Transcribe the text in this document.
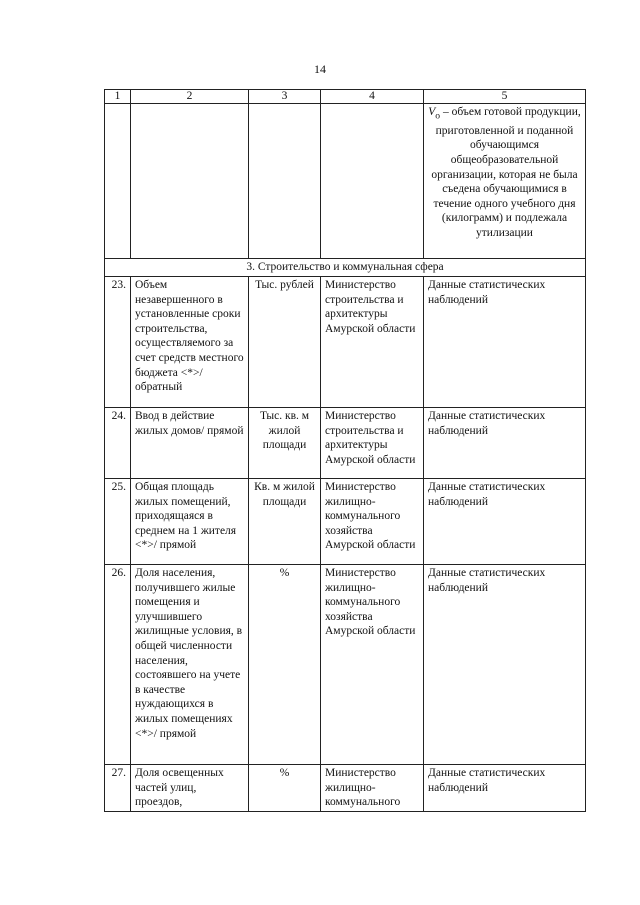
14
1	2	3	4	5
				$V_o$ – объем готовой продукции, приготовленной и поданной обучающимся общеобразовательной организации, которая не была съедена обучающимися в течение одного учебного дня (килограмм) и подлежала утилизации
3. Строительство и коммунальная сфера				
23.	Объем незавершенного в установленные сроки строительства, осуществляемого за счет средств местного бюджета <*>/ обратный	Тыс. рублей	Министерство строительства и архитектуры Амурской области	Данные статистических наблюдений
24.	Ввод в действие жилых домов/ прямой	Тыс. кв. м жилой площади	Министерство строительства и архитектуры Амурской области	Данные статистических наблюдений
25.	Общая площадь жилых помещений, приходящаяся в среднем на 1 жителя <*>/ прямой	Кв. м жилой площади	Министерство жилищно-коммунального хозяйства Амурской области	Данные статистических наблюдений
26.	Доля населения, получившего жилые помещения и улучшившего жилищные условия, в общей численности населения, состоявшего на учете в качестве нуждающихся в жилых помещениях <*>/ прямой	%	Министерство жилищно-коммунального хозяйства Амурской области	Данные статистических наблюдений
27.	Доля освещенных частей улиц, проездов,	%	Министерство жилищно-коммунального	Данные статистических наблюдений
